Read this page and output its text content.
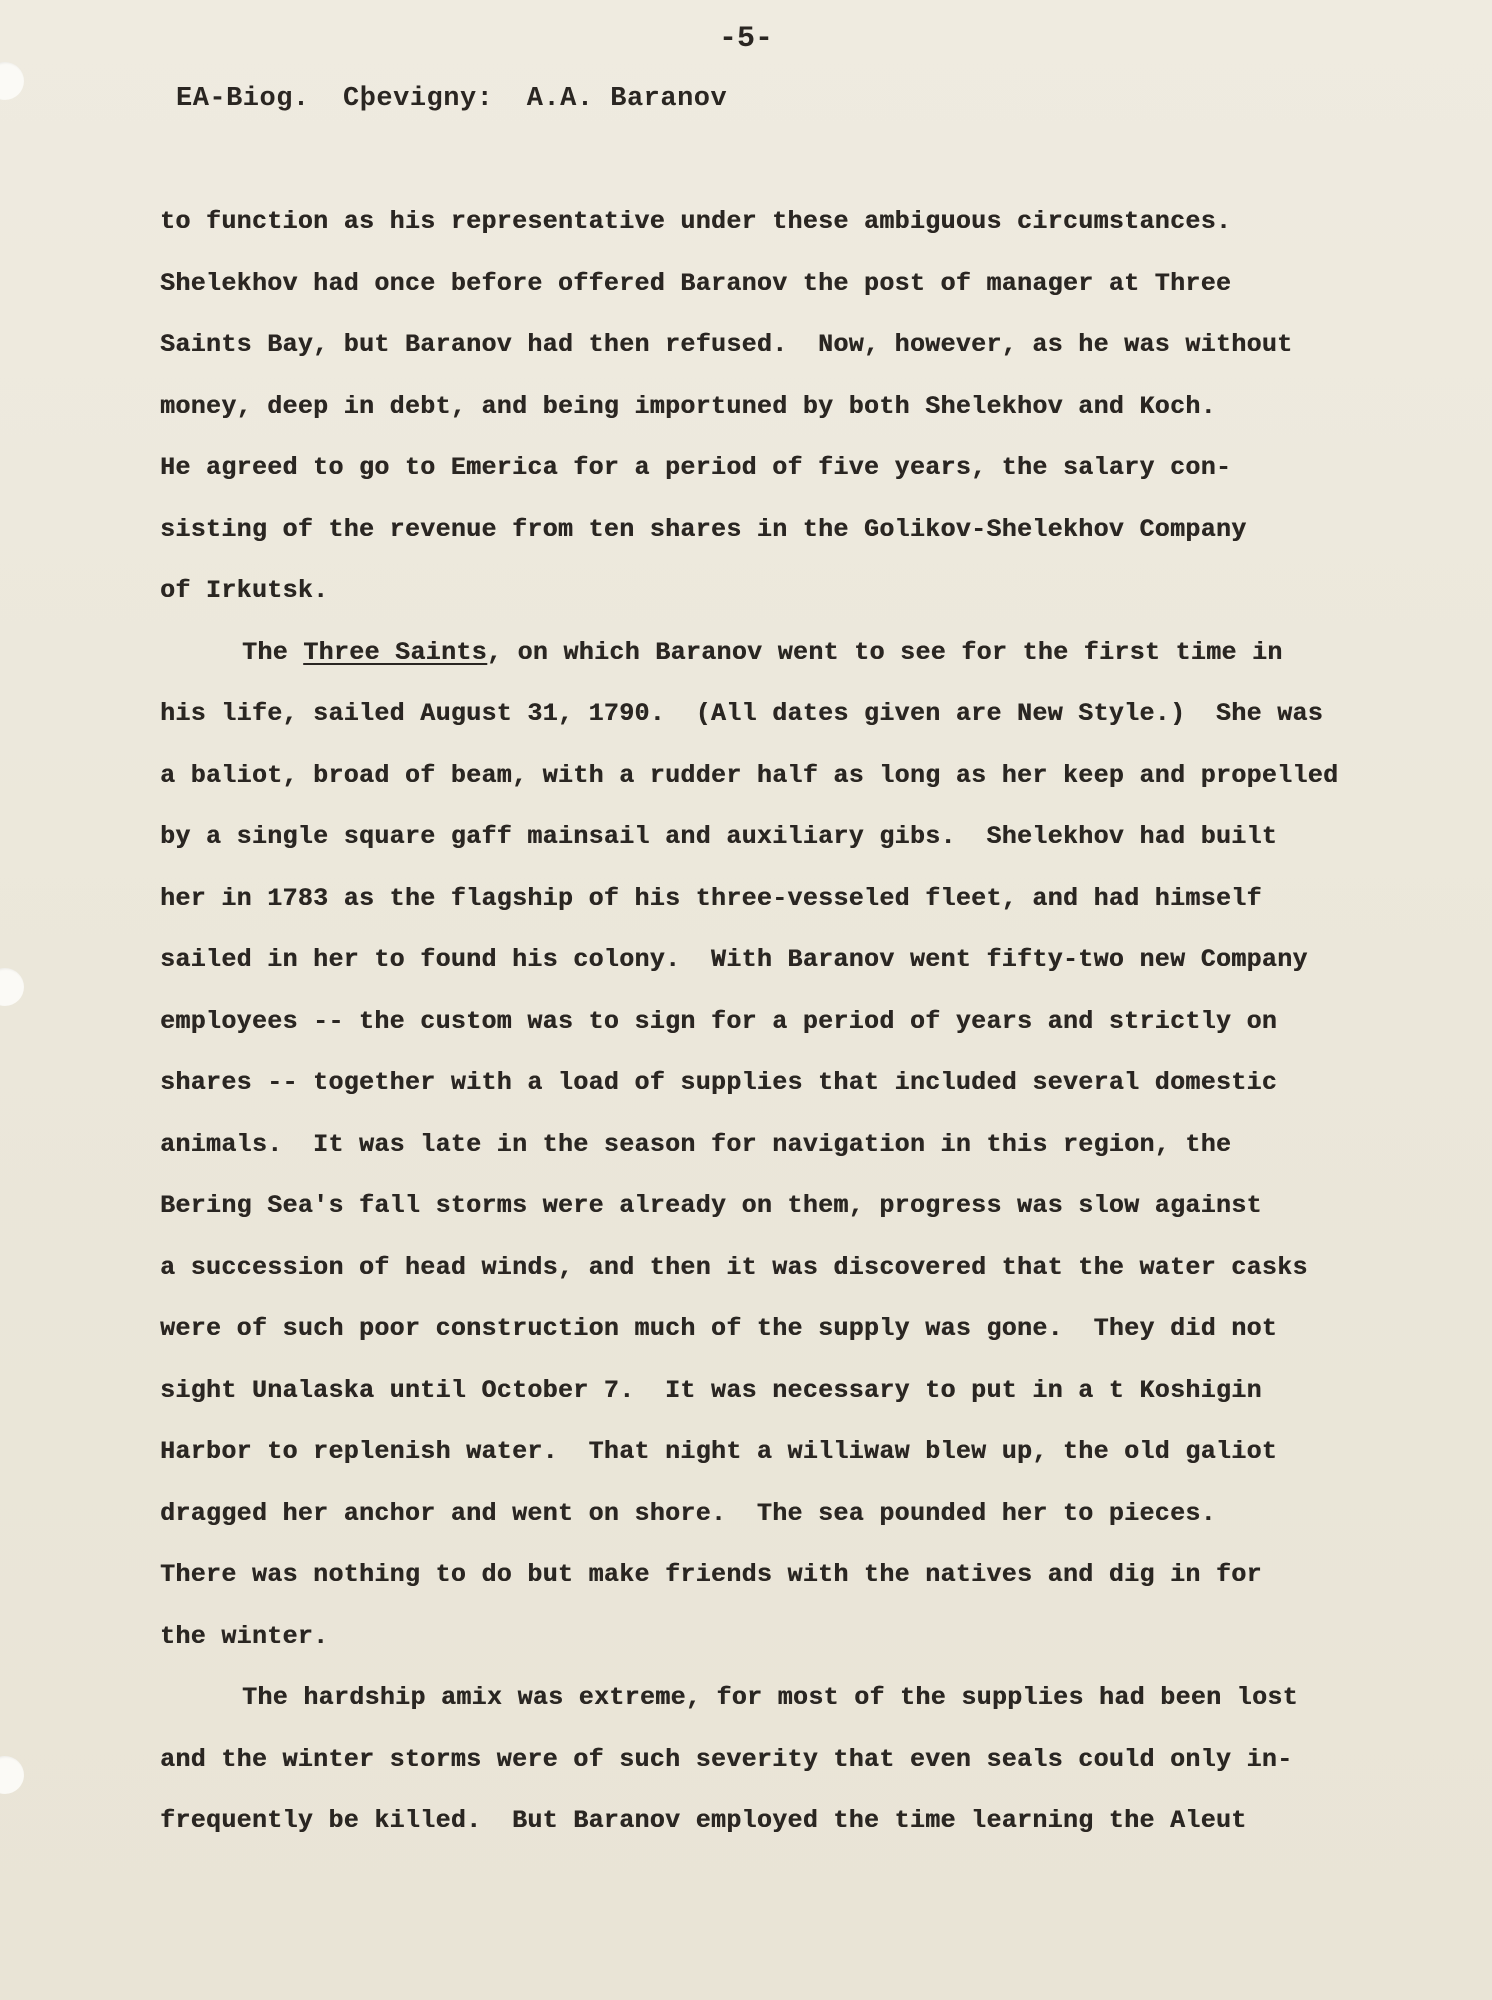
-5-
EA-Biog.  Cþevigny:  A.A. Baranov
to function as his representative under these ambiguous circumstances.
Shelekhov had once before offered Baranov the post of manager at Three
Saints Bay, but Baranov had then refused.  Now, however, as he was without
money, deep in debt, and being importuned by both Shelekhov and Koch.
He agreed to go to Emerica for a period of five years, the salary con-
sisting of the revenue from ten shares in the Golikov-Shelekhov Company
of Irkutsk.
The Three Saints, on which Baranov went to see for the first time in
his life, sailed August 31, 1790.  (All dates given are New Style.)  She was
a baliot, broad of beam, with a rudder half as long as her keep and propelled
by a single square gaff mainsail and auxiliary gibs.  Shelekhov had built
her in 1783 as the flagship of his three-vesseled fleet, and had himself
sailed in her to found his colony.  With Baranov went fifty-two new Company
employees -- the custom was to sign for a period of years and strictly on
shares -- together with a load of supplies that included several domestic
animals.  It was late in the season for navigation in this region, the
Bering Sea's fall storms were already on them, progress was slow against
a succession of head winds, and then it was discovered that the water casks
were of such poor construction much of the supply was gone.  They did not
sight Unalaska until October 7.  It was necessary to put in a t Koshigin
Harbor to replenish water.  That night a williwaw blew up, the old galiot
dragged her anchor and went on shore.  The sea pounded her to pieces.
There was nothing to do but make friends with the natives and dig in for
the winter.
The hardship amix was extreme, for most of the supplies had been lost
and the winter storms were of such severity that even seals could only in-
frequently be killed.  But Baranov employed the time learning the Aleut
